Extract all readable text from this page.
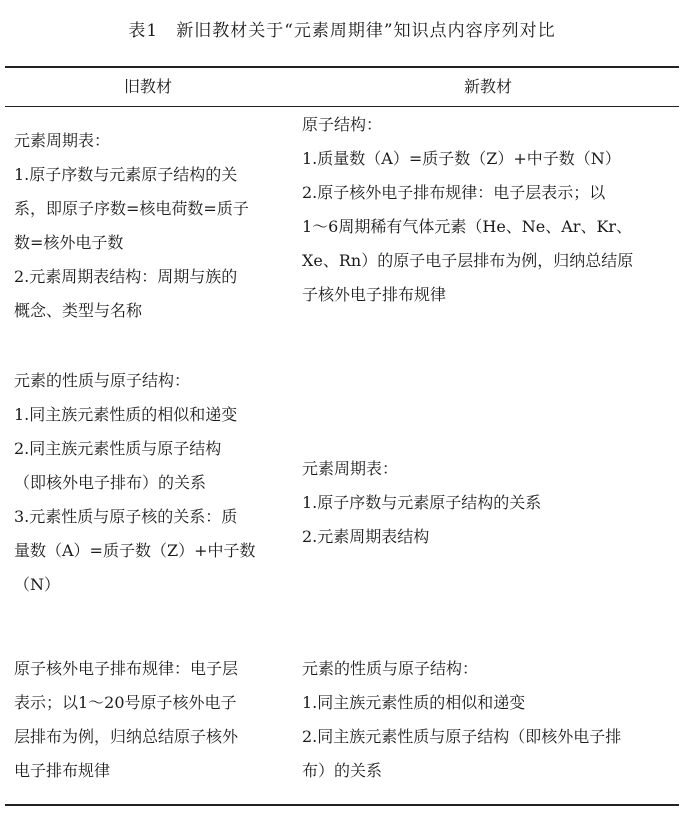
表1 新旧教材关于“元素周期律”知识点内容序列对比
旧教材	新教材
元素周期表：
1.原子序数与元素原子结构的关
系，即原子序数=核电荷数=质子
数=核外电子数
2.元素周期表结构：周期与族的
概念、类型与名称
元素的性质与原子结构：
1.同主族元素性质的相似和递变
2.同主族元素性质与原子结构
（即核外电子排布）的关系
3.元素性质与原子核的关系：质
量数（A）=质子数（Z）+中子数
（N）
原子核外电子排布规律：电子层
表示；以1～20号原子核外电子
层排布为例，归纳总结原子核外
电子排布规律
原子结构：
1.质量数（A）=质子数（Z）+中子数（N）
2.原子核外电子排布规律：电子层表示；以
1～6周期稀有气体元素（He、Ne、Ar、Kr、
Xe、Rn）的原子电子层排布为例，归纳总结原
子核外电子排布规律
元素周期表：
1.原子序数与元素原子结构的关系
2.元素周期表结构
元素的性质与原子结构：
1.同主族元素性质的相似和递变
2.同主族元素性质与原子结构（即核外电子排
布）的关系
